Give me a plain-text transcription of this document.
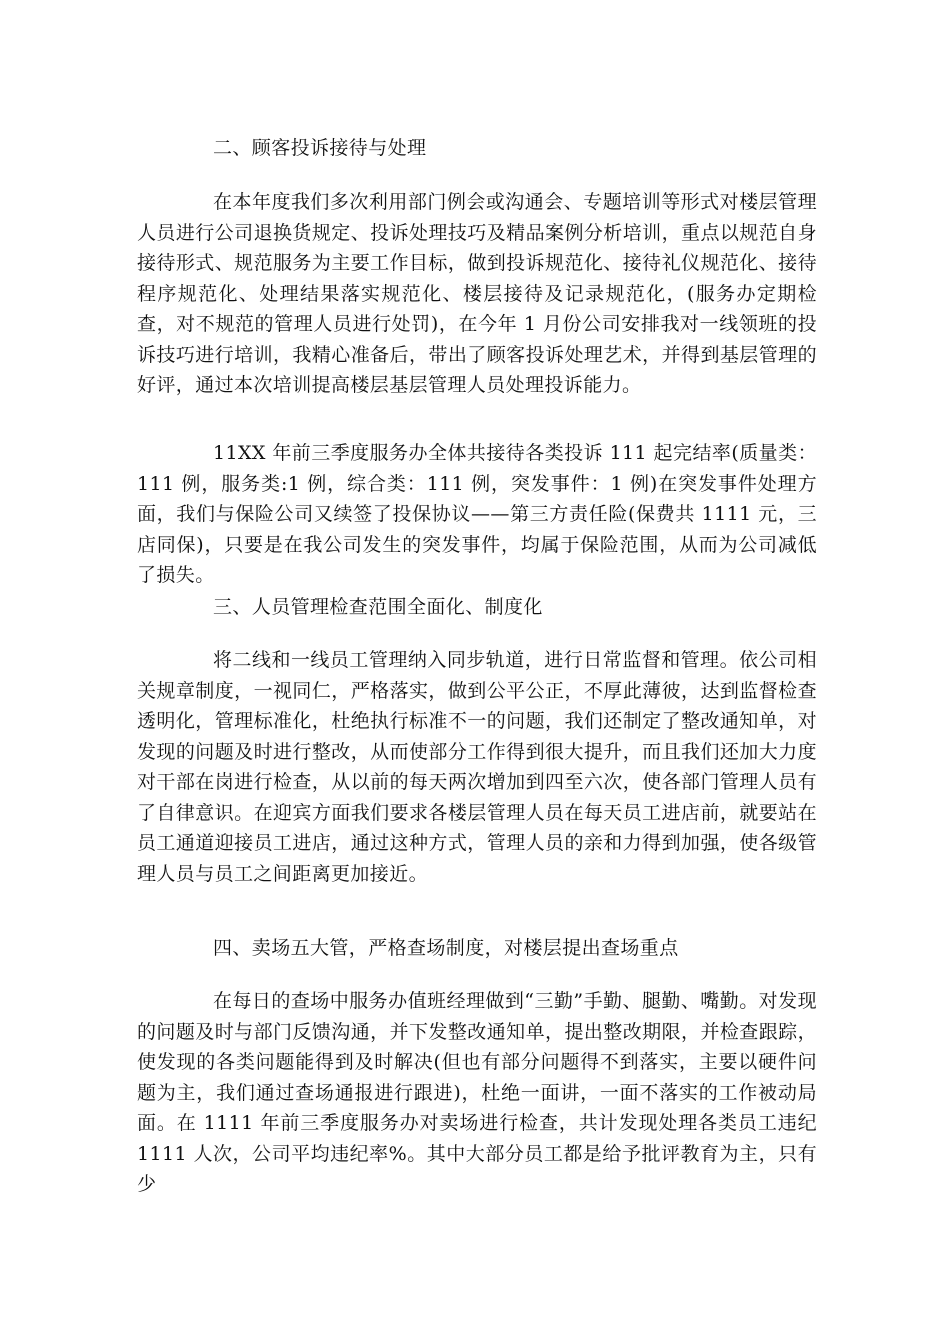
二、顾客投诉接待与处理

在本年度我们多次利用部门例会或沟通会、专题培训等形式对楼层管理人员进行公司退换货规定、投诉处理技巧及精品案例分析培训，重点以规范自身接待形式、规范服务为主要工作目标，做到投诉规范化、接待礼仪规范化、接待程序规范化、处理结果落实规范化、楼层接待及记录规范化，(服务办定期检查，对不规范的管理人员进行处罚)，在今年 1 月份公司安排我对一线领班的投诉技巧进行培训，我精心准备后，带出了顾客投诉处理艺术，并得到基层管理的好评，通过本次培训提高楼层基层管理人员处理投诉能力。

11XX 年前三季度服务办全体共接待各类投诉 111 起完结率(质量类：111 例，服务类:1 例，综合类：111 例，突发事件：1 例)在突发事件处理方面，我们与保险公司又续签了投保协议——第三方责任险(保费共 1111 元，三店同保)，只要是在我公司发生的突发事件，均属于保险范围，从而为公司减低了损失。

三、人员管理检查范围全面化、制度化

将二线和一线员工管理纳入同步轨道，进行日常监督和管理。依公司相关规章制度，一视同仁，严格落实，做到公平公正，不厚此薄彼，达到监督检查透明化，管理标准化，杜绝执行标准不一的问题，我们还制定了整改通知单，对发现的问题及时进行整改，从而使部分工作得到很大提升，而且我们还加大力度对干部在岗进行检查，从以前的每天两次增加到四至六次，使各部门管理人员有了自律意识。在迎宾方面我们要求各楼层管理人员在每天员工进店前，就要站在员工通道迎接员工进店，通过这种方式，管理人员的亲和力得到加强，使各级管理人员与员工之间距离更加接近。

四、卖场五大管，严格查场制度，对楼层提出查场重点

在每日的查场中服务办值班经理做到“三勤”手勤、腿勤、嘴勤。对发现的问题及时与部门反馈沟通，并下发整改通知单，提出整改期限，并检查跟踪，使发现的各类问题能得到及时解决(但也有部分问题得不到落实，主要以硬件问题为主，我们通过查场通报进行跟进)，杜绝一面讲，一面不落实的工作被动局面。在 1111 年前三季度服务办对卖场进行检查，共计发现处理各类员工违纪 1111 人次，公司平均违纪率%。其中大部分员工都是给予批评教育为主，只有少
